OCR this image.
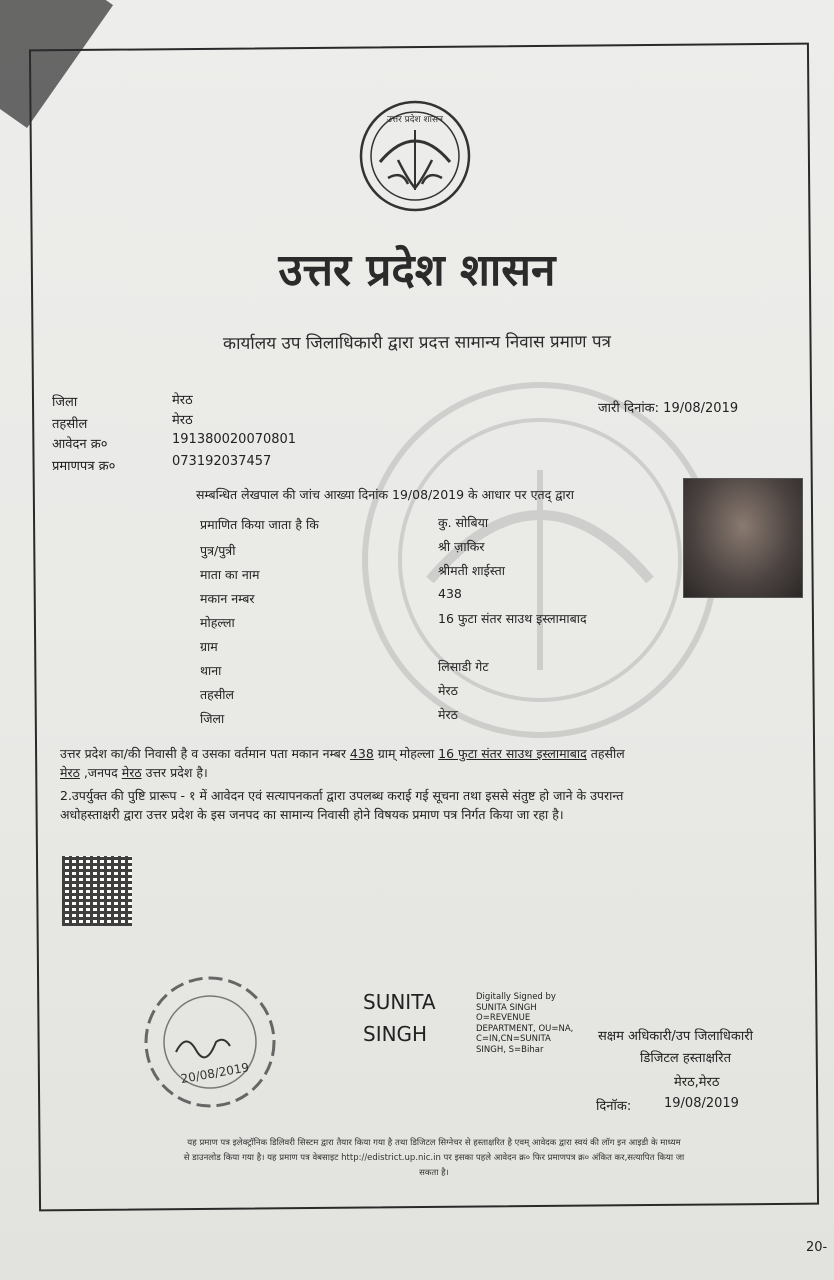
उत्तर प्रदेश शासन
उत्तर प्रदेश शासन
कार्यालय उप जिलाधिकारी द्वारा प्रदत्त सामान्य निवास प्रमाण पत्र
जिला	मेरठ
तहसील	मेरठ
आवेदन क्र०	19138002007080​1
प्रमाणपत्र क्र०	073192037457
जारी दिनांक: 19/08/2019
सम्बन्धित लेखपाल की जांच आख्या दिनांक 19/08/2019 के आधार पर एतद् द्वारा
प्रमाणित किया जाता है कि	कु. सोबिया
पुत्र/पुत्री	श्री ज़ाकिर
माता का नाम	श्रीमती शाईस्ता
मकान नम्बर	438
मोहल्ला	16 फुटा संतर साउथ इस्लामाबाद
ग्राम
थाना	लिसाडी गेट
तहसील	मेरठ
जिला	मेरठ
उत्तर प्रदेश का/की निवासी है व उसका वर्तमान पता मकान नम्बर 438 ग्राम् मोहल्ला 16 फुटा संतर साउथ इस्लामाबाद तहसील
मेरठ ,जनपद मेरठ उत्तर प्रदेश है।
2.उपर्युक्त की पुष्टि प्रारूप - १ में आवेदन एवं सत्यापनकर्ता द्वारा उपलब्ध कराई गई सूचना तथा इससे संतुष्ट हो जाने के उपरान्त
अधोहस्ताक्षरी द्वारा उत्तर प्रदेश के इस जनपद का सामान्य निवासी होने विषयक प्रमाण पत्र निर्गत किया जा रहा है।
20/08/2019
SUNITA
SINGH
Digitally Signed by
SUNITA SINGH
O=REVENUE
DEPARTMENT, OU=NA,
C=IN,CN=SUNITA
SINGH, S=Bihar
सक्षम अधिकारी/उप जिलाधिकारी
डिजिटल हस्ताक्षरित
मेरठ,मेरठ
दिनॉक:	19/08/2019
यह प्रमाण पत्र इलेक्ट्रॉनिक डिलिवरी सिस्टम द्वारा तैयार किया गया है तथा डिजिटल सिग्नेचर से हस्ताक्षरित है एवम् आवेदक द्वारा स्वयं की लॉग इन आइडी के माध्यम
से डाउनलोड किया गया है। यह प्रमाण पत्र वेबसाइट http://edistrict.up.nic.in पर इसका पहले आवेदन क्र० फिर प्रमाणपत्र क्र० अंकित कर,सत्यापित किया जा
सकता है।
20-
